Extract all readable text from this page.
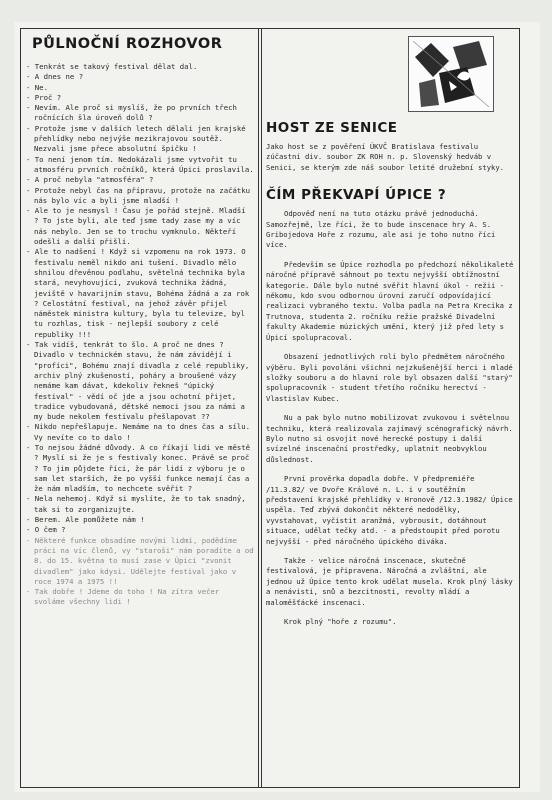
PŮLNOČNÍ ROZHOVOR

- Tenkrát se takový festival dělat dal.

- A dnes ne ?

- Ne.

- Proč ?

- Nevím. Ale proč si myslíš, že po prvních třech ročnících šla úroveň dolů ?

- Protože jsme v dalších letech dělali jen krajské přehlídky nebo nejvýše mezikrajovou soutěž. Nezvali jsme přece absolutní špičku !

- To není jenom tím. Nedokázali jsme vytvořit tu atmosféru prvních ročníků, která Úpici proslavila.

- A proč nebyla "atmosféra" ?

- Protože nebyl čas na přípravu, protože na začátku nás bylo víc a byli jsme mladší !

- Ale to je nesmysl ! Času je pořád stejně. Mladší ? To jste byli, ale teď jsme tady zase my a víc nás nebylo. Jen se to trochu vymknulo. Někteří odešli a další přišli.

- Ale to nadšení ! Když si vzpomenu na rok 1973. O festivalu neměl nikdo ani tušení. Divadlo mělo shnilou dřevěnou podlahu, světelná technika byla stará, nevyhovující, zvuková technika žádná, jeviště v havarijním stavu, Bohéma žádná a za rok ? Celostátní festival, na jehož závěr přijel náměstek ministra kultury, byla tu televize, byl tu rozhlas, tisk - nejlepší soubory z celé republiky !!!

- Tak vidíš, tenkrát to šlo. A proč ne dnes ? Divadlo v technickém stavu, že nám závidějí i "profíci", Bohému znají divadla z celé republiky, archiv plný zkušeností, poháry a broušené vázy nemáme kam dávat, kdekoliv řekneš "úpický festival" - vědí oč jde a jsou ochotní přijet, tradice vybudovaná, dětské nemoci jsou za námi a my bude nekolem festivalu přešlapovat ??

- Nikdo nepřešlapuje. Nemáme na to dnes čas a sílu. Vy nevíte co to dalo !

- To nejsou žádné důvody. A co říkají lidi ve městě ? Myslí si že je s festivaly konec. Právě se proč ? To jim půjdete říci, že pár lidí z výboru je o sam let starších, že po vyšší funkce nemají čas a že nám mladším, to nechcete svěřit ?

- Nela nehemoj. Když si myslíte, že to tak snadný, tak si to zorganizujte.

- Berem. Ale pomůžete nám !

- O čem ?

- Některé funkce obsadíme novými lidmi, podědíme práci na víc členů, vy "staroši" nám poradíte a od 8. do 15. května to musí zase v Úpici "zvonit divadlem" jako kdysi. Udělejte festival jako v roce 1974 a 1975 !!

- Tak dobře ! Jdeme do toho ! Na zítra večer svoláme všechny lidi !

HOST ZE SENICE
Jako host se z pověření ÚKVČ Bratislava festivalu zúčastní div. soubor ZK ROH n. p. Slovenský hedváb v Senici, se kterým zde náš soubor letité družební styky.
ČÍM PŘEKVAPÍ ÚPICE ?

Odpověď není na tuto otázku právě jednoduchá. Samozřejmě, lze říci, že to bude inscenace hry A. S. Gribojedova Hoře z rozumu, ale asi je toho nutno říci více.

Především se Úpice rozhodla po předchozí několikaleté náročné přípravě sáhnout po textu nejvyšší obtížnostní kategorie. Dále bylo nutné svěřit hlavní úkol - režii - někomu, kdo svou odbornou úrovní zaručí odpovídající realizaci vybraného textu. Volba padla na Petra Krecika z Trutnova, studenta 2. ročníku režie pražské Divadelní fakulty Akademie múzických umění, který již před lety s Úpicí spolupracoval.

Obsazení jednotlivých rolí bylo předmětem náročného výběru. Byli povoláni všichni nejzkušenější herci i mladé složky souboru a do hlavní role byl obsazen další "starý" spolupracovník - student třetího ročníku herectví - Vlastislav Kubec.

Nu a pak bylo nutno mobilizovat zvukovou i světelnou techniku, která realizovala zajímavý scénografický návrh. Bylo nutno si osvojit nové herecké postupy i další svízelné inscenační prostředky, uplatnit neobvyklou důslednost.

První prověrka dopadla dobře. V předpremiéře /11.3.82/ ve Dvoře Králové n. L. i v soutěžním představení krajské přehlídky v Hronově /12.3.1982/ Úpice uspěla. Teď zbývá dokončit některé nedodělky, vyvstahovat, vyčistit aranžmá, vybrousit, dotáhnout situace, udělat tečky atd. - a předstoupit před porotu nejvyšší - před náročného úpického diváka.

Takže - velice náročná inscenace, skutečně festivalová, je připravena. Náročná a zvláštní, ale jednou už Úpice tento krok udělat musela. Krok plný lásky a nenávisti, snů a bezcitnosti, revolty mládí a maloměšťácké inscenaci.

Krok plný "hoře z rozumu".
